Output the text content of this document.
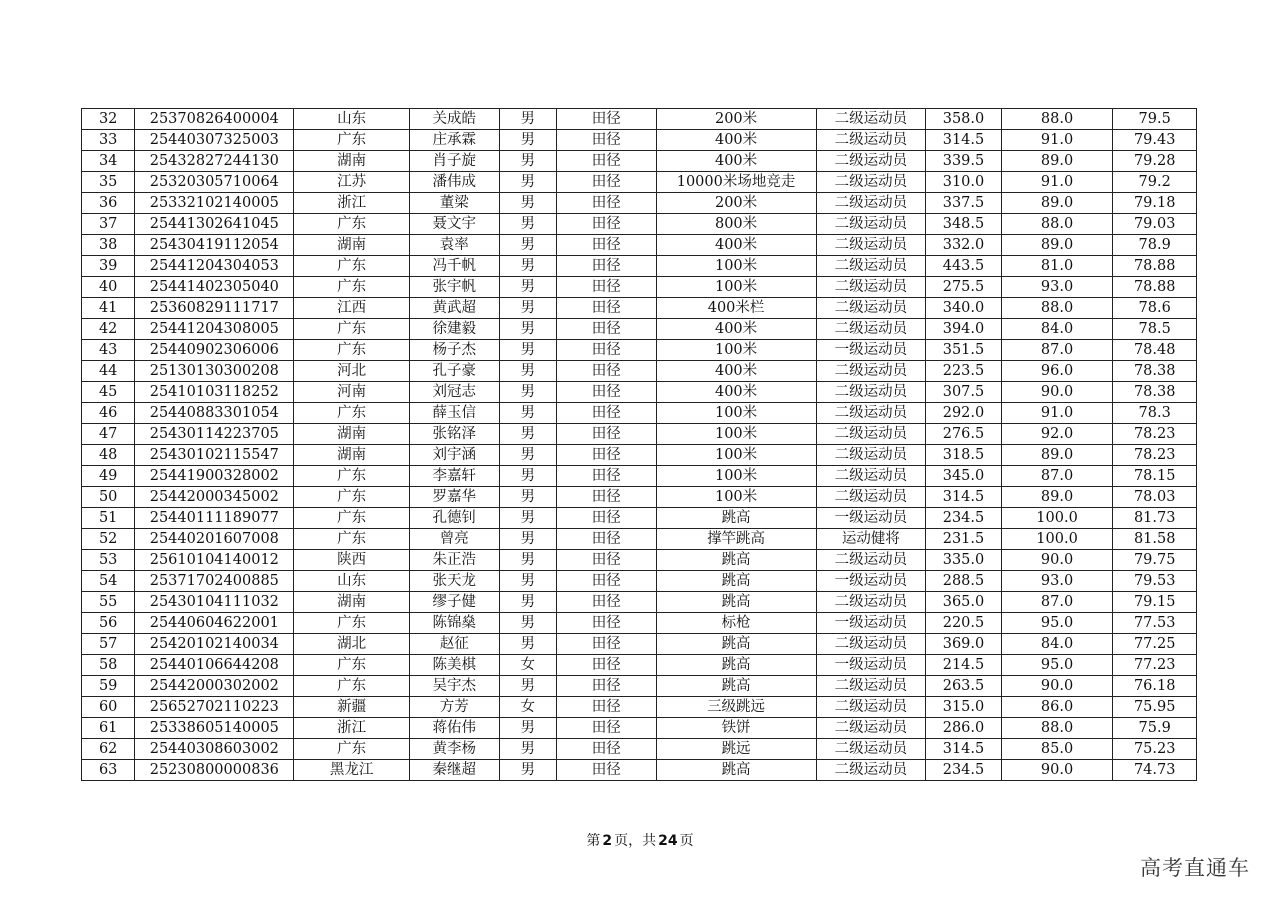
32	25370826400004	山东	关成皓	男	田径	200米	二级运动员	358.0	88.0	79.5
33	25440307325003	广东	庄承霖	男	田径	400米	二级运动员	314.5	91.0	79.43
34	25432827244130	湖南	肖子旋	男	田径	400米	二级运动员	339.5	89.0	79.28
35	25320305710064	江苏	潘伟成	男	田径	10000米场地竞走	二级运动员	310.0	91.0	79.2
36	25332102140005	浙江	董梁	男	田径	200米	二级运动员	337.5	89.0	79.18
37	25441302641045	广东	聂文宇	男	田径	800米	二级运动员	348.5	88.0	79.03
38	25430419112054	湖南	袁率	男	田径	400米	二级运动员	332.0	89.0	78.9
39	25441204304053	广东	冯千帆	男	田径	100米	二级运动员	443.5	81.0	78.88
40	25441402305040	广东	张宇帆	男	田径	100米	二级运动员	275.5	93.0	78.88
41	25360829111717	江西	黄武超	男	田径	400米栏	二级运动员	340.0	88.0	78.6
42	25441204308005	广东	徐建毅	男	田径	400米	二级运动员	394.0	84.0	78.5
43	25440902306006	广东	杨子杰	男	田径	100米	一级运动员	351.5	87.0	78.48
44	25130130300208	河北	孔子豪	男	田径	400米	二级运动员	223.5	96.0	78.38
45	25410103118252	河南	刘冠志	男	田径	400米	二级运动员	307.5	90.0	78.38
46	25440883301054	广东	薛玉信	男	田径	100米	二级运动员	292.0	91.0	78.3
47	25430114223705	湖南	张铭泽	男	田径	100米	二级运动员	276.5	92.0	78.23
48	25430102115547	湖南	刘宇涵	男	田径	100米	二级运动员	318.5	89.0	78.23
49	25441900328002	广东	李嘉轩	男	田径	100米	二级运动员	345.0	87.0	78.15
50	25442000345002	广东	罗嘉华	男	田径	100米	二级运动员	314.5	89.0	78.03
51	25440111189077	广东	孔德钊	男	田径	跳高	一级运动员	234.5	100.0	81.73
52	25440201607008	广东	曾亮	男	田径	撑竿跳高	运动健将	231.5	100.0	81.58
53	25610104140012	陕西	朱正浩	男	田径	跳高	二级运动员	335.0	90.0	79.75
54	25371702400885	山东	张天龙	男	田径	跳高	一级运动员	288.5	93.0	79.53
55	25430104111032	湖南	缪子健	男	田径	跳高	二级运动员	365.0	87.0	79.15
56	25440604622001	广东	陈锦燊	男	田径	标枪	一级运动员	220.5	95.0	77.53
57	25420102140034	湖北	赵征	男	田径	跳高	二级运动员	369.0	84.0	77.25
58	25440106644208	广东	陈美棋	女	田径	跳高	一级运动员	214.5	95.0	77.23
59	25442000302002	广东	吴宇杰	男	田径	跳高	二级运动员	263.5	90.0	76.18
60	25652702110223	新疆	方芳	女	田径	三级跳远	二级运动员	315.0	86.0	75.95
61	25338605140005	浙江	蒋佑伟	男	田径	铁饼	二级运动员	286.0	88.0	75.9
62	25440308603002	广东	黄李杨	男	田径	跳远	二级运动员	314.5	85.0	75.23
63	25230800000836	黑龙江	秦继超	男	田径	跳高	二级运动员	234.5	90.0	74.73
第 2 页，共 24 页
高考直通车
